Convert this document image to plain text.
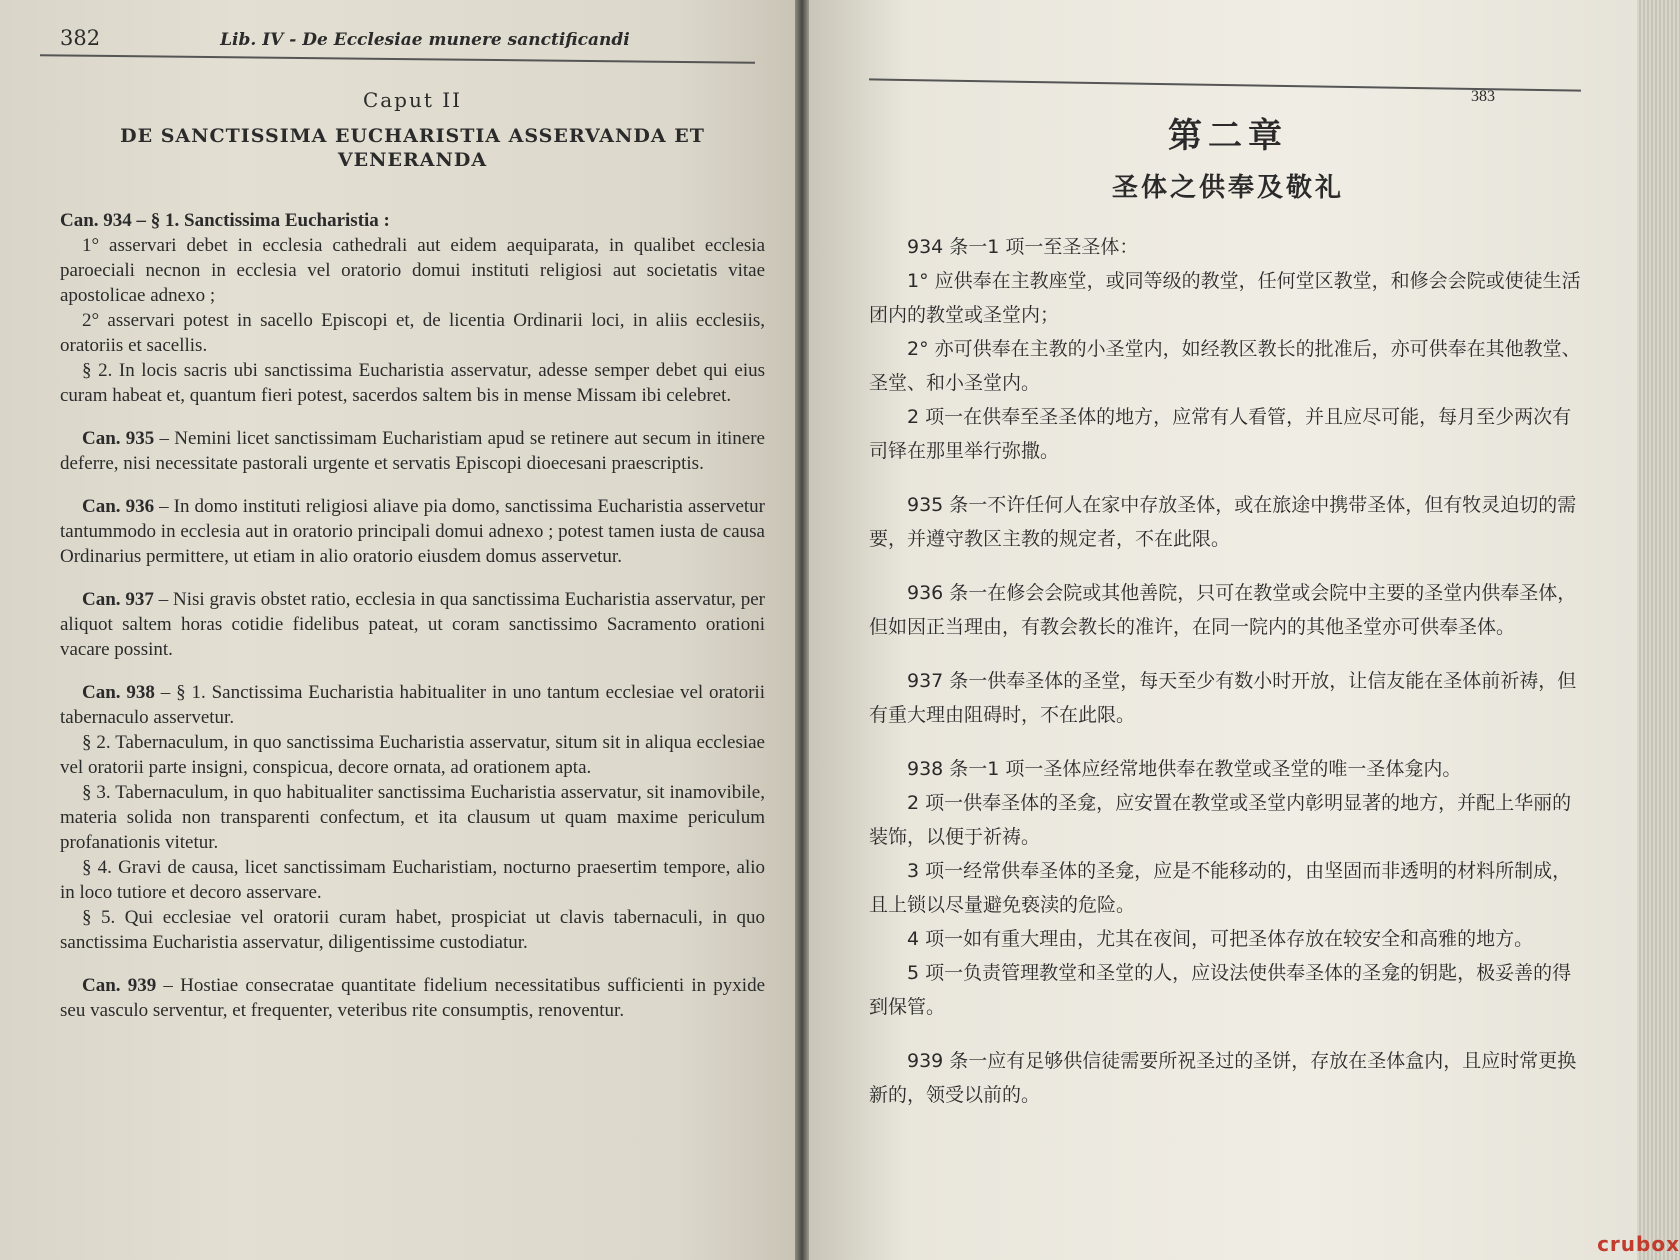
382	Lib. IV - De Ecclesiae munere sanctificandi
Caput II
DE SANCTISSIMA EUCHARISTIA ASSERVANDA ET VENERANDA

Can. 934 – § 1. Sanctissima Eucharistia :

1° asservari debet in ecclesia cathedrali aut eidem aequiparata, in qualibet ecclesia paroeciali necnon in ecclesia vel oratorio domui instituti religiosi aut societatis vitae apostolicae adnexo ;

2° asservari potest in sacello Episcopi et, de licentia Ordinarii loci, in aliis ecclesiis, oratoriis et sacellis.

§ 2. In locis sacris ubi sanctissima Eucharistia asservatur, adesse semper debet qui eius curam habeat et, quantum fieri potest, sacerdos saltem bis in mense Missam ibi celebret.

Can. 935 – Nemini licet sanctissimam Eucharistiam apud se retinere aut secum in itinere deferre, nisi necessitate pastorali urgente et servatis Episcopi dioecesani praescriptis.

Can. 936 – In domo instituti religiosi aliave pia domo, sanctissima Eucharistia asservetur tantummodo in ecclesia aut in oratorio principali domui adnexo ; potest tamen iusta de causa Ordinarius permittere, ut etiam in alio oratorio eiusdem domus asservetur.

Can. 937 – Nisi gravis obstet ratio, ecclesia in qua sanctissima Eucharistia asservatur, per aliquot saltem horas cotidie fidelibus pateat, ut coram sanctissimo Sacramento orationi vacare possint.

Can. 938 – § 1. Sanctissima Eucharistia habitualiter in uno tantum ecclesiae vel oratorii tabernaculo asservetur.

§ 2. Tabernaculum, in quo sanctissima Eucharistia asservatur, situm sit in aliqua ecclesiae vel oratorii parte insigni, conspicua, decore ornata, ad orationem apta.

§ 3. Tabernaculum, in quo habitualiter sanctissima Eucharistia asservatur, sit inamovibile, materia solida non transparenti confectum, et ita clausum ut quam maxime periculum profanationis vitetur.

§ 4. Gravi de causa, licet sanctissimam Eucharistiam, nocturno praesertim tempore, alio in loco tutiore et decoro asservare.

§ 5. Qui ecclesiae vel oratorii curam habet, prospiciat ut clavis tabernaculi, in quo sanctissima Eucharistia asservatur, diligentissime custodiatur.

Can. 939 – Hostiae consecratae quantitate fidelium necessitatibus sufficienti in pyxide seu vasculo serventur, et frequenter, veteribus rite consumptis, renoventur.

383
第二章
圣体之供奉及敬礼

934 条一1 项一至圣圣体：

1° 应供奉在主教座堂，或同等级的教堂，任何堂区教堂，和修会会院或使徒生活团内的教堂或圣堂内；

2° 亦可供奉在主教的小圣堂内，如经教区教长的批准后，亦可供奉在其他教堂、圣堂、和小圣堂内。

2 项一在供奉至圣圣体的地方，应常有人看管，并且应尽可能，每月至少两次有司铎在那里举行弥撒。

935 条一不许任何人在家中存放圣体，或在旅途中携带圣体，但有牧灵迫切的需要，并遵守教区主教的规定者，不在此限。

936 条一在修会会院或其他善院，只可在教堂或会院中主要的圣堂内供奉圣体，但如因正当理由，有教会教长的准许，在同一院内的其他圣堂亦可供奉圣体。

937 条一供奉圣体的圣堂，每天至少有数小时开放，让信友能在圣体前祈祷，但有重大理由阻碍时，不在此限。

938 条一1 项一圣体应经常地供奉在教堂或圣堂的唯一圣体龛内。

2 项一供奉圣体的圣龛，应安置在教堂或圣堂内彰明显著的地方，并配上华丽的装饰，以便于祈祷。

3 项一经常供奉圣体的圣龛，应是不能移动的，由坚固而非透明的材料所制成，且上锁以尽量避免亵渎的危险。

4 项一如有重大理由，尤其在夜间，可把圣体存放在较安全和高雅的地方。

5 项一负责管理教堂和圣堂的人，应设法使供奉圣体的圣龛的钥匙，极妥善的得到保管。

939 条一应有足够供信徒需要所祝圣过的圣饼，存放在圣体盒内，且应时常更换新的，领受以前的。

crubox
